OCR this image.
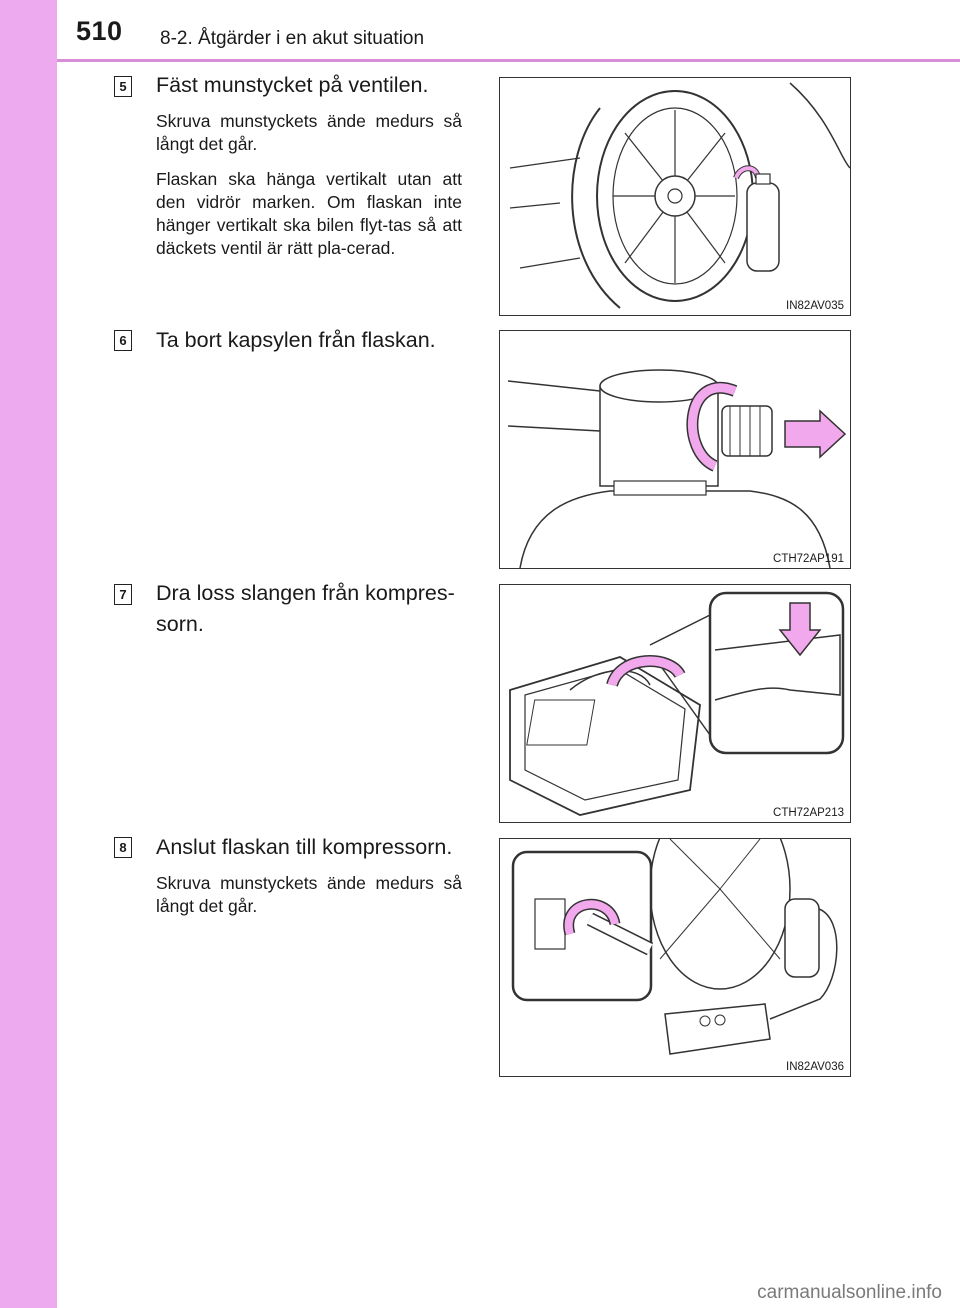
510 8-2. Åtgärder i en akut situation
5 Fäst munstycket på ventilen.

Skruva munstyckets ände medurs så långt det går.

Flaskan ska hänga vertikalt utan att den vidrör marken. Om flaskan inte hänger vertikalt ska bilen flyt-tas så att däckets ventil är rätt pla-cerad.

IN82AV035
6 Ta bort kapsylen från flaskan.
CTH72AP191
7 Dra loss slangen från kompres-sorn.
CTH72AP213
8 Anslut flaskan till kompressorn.

Skruva munstyckets ände medurs så långt det går.

IN82AV036
carmanualsonline.info
